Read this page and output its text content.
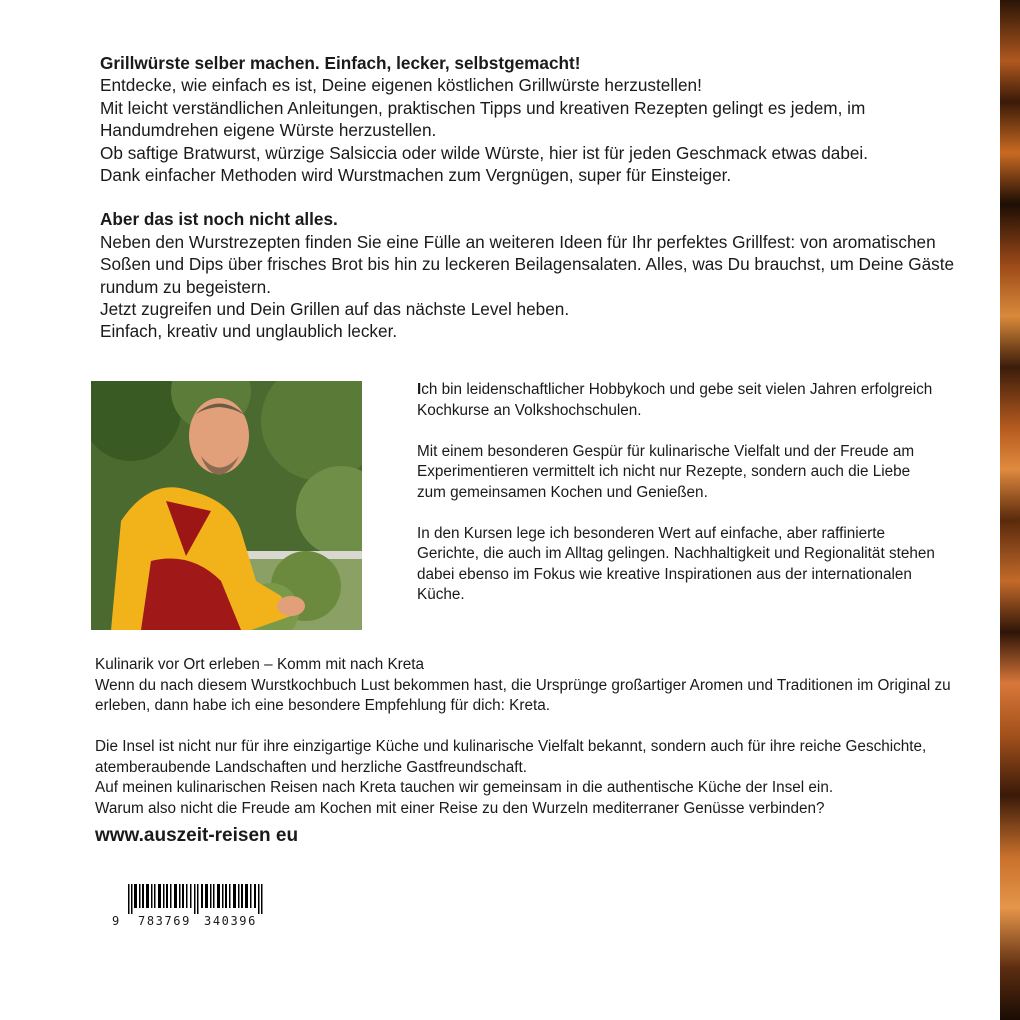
Grillwürste selber machen. Einfach, lecker, selbstgemacht!

Entdecke, wie einfach es ist, Deine eigenen köstlichen Grillwürste herzustellen!

Mit leicht verständlichen Anleitungen, praktischen Tipps und kreativen Rezepten gelingt es jedem, im Handumdrehen eigene Würste herzustellen.

Ob saftige Bratwurst, würzige Salsiccia oder wilde Würste, hier ist für jeden Geschmack etwas dabei.

Dank einfacher Methoden wird Wurstmachen zum Vergnügen, super für Einsteiger.

Aber das ist noch nicht alles.

Neben den Wurstrezepten finden Sie eine Fülle an weiteren Ideen für Ihr perfektes Grillfest: von aromatischen Soßen und Dips über frisches Brot bis hin zu leckeren Beilagensalaten. Alles, was Du brauchst, um Deine Gäste rundum zu begeistern.

Jetzt zugreifen und Dein Grillen auf das nächste Level heben.

Einfach, kreativ und unglaublich lecker.

Ich bin leidenschaftlicher Hobbykoch und gebe seit vielen Jahren erfolgreich Kochkurse an Volkshochschulen.

Mit einem besonderen Gespür für kulinarische Vielfalt und der Freude am Experimentieren vermittelt ich nicht nur Rezepte, sondern auch die Liebe zum gemeinsamen Kochen und Genießen.

In den Kursen lege ich besonderen Wert auf einfache, aber raffinierte Gerichte, die auch im Alltag gelingen. Nachhaltigkeit und Regionalität stehen dabei ebenso im Fokus wie kreative Inspirationen aus der internationalen Küche.

Kulinarik vor Ort erleben – Komm mit nach Kreta

Wenn du nach diesem Wurstkochbuch Lust bekommen hast, die Ursprünge großartiger Aromen und Traditionen im Original zu erleben, dann habe ich eine besondere Empfehlung für dich: Kreta.

Die Insel ist nicht nur für ihre einzigartige Küche und kulinarische Vielfalt bekannt, sondern auch für ihre reiche Geschichte, atemberaubende Landschaften und herzliche Gastfreundschaft.

Auf meinen kulinarischen Reisen nach Kreta tauchen wir gemeinsam in die authentische Küche der Insel ein.

Warum also nicht die Freude am Kochen mit einer Reise zu den Wurzeln mediterraner Genüsse verbinden?

www.auszeit-reisen eu

9 783769 340396
